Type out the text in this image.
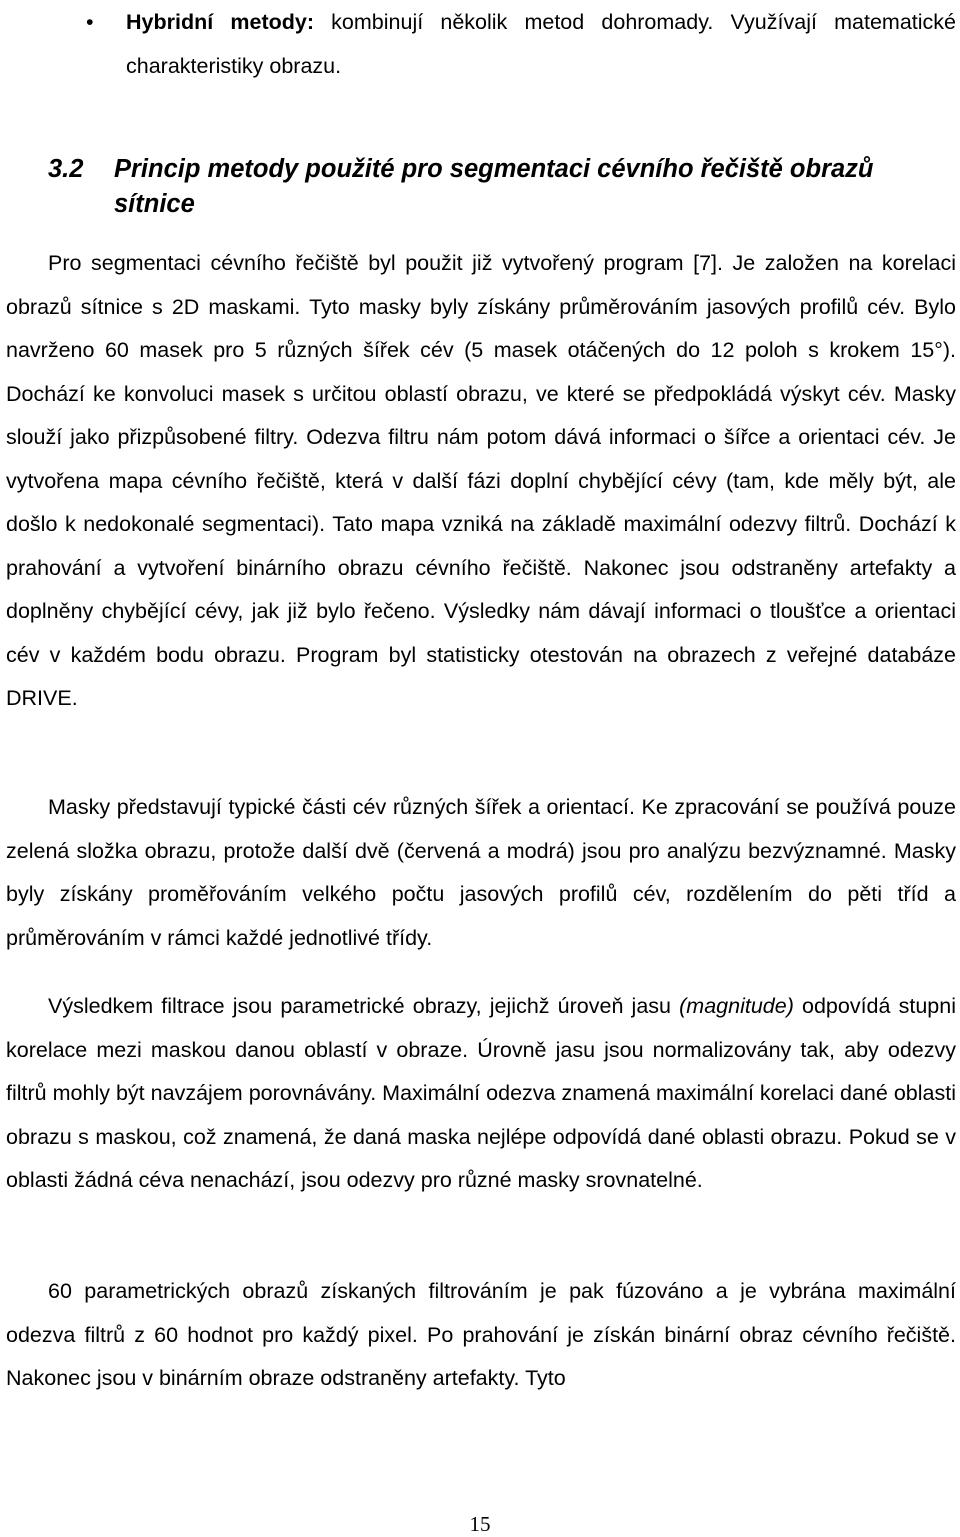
• Hybridní metody: kombinují několik metod dohromady. Využívají matematické charakteristiky obrazu.

3.2	Princip metody použité pro segmentaci cévního řečiště obrazů sítnice

Pro segmentaci cévního řečiště byl použit již vytvořený program [7]. Je založen na korelaci obrazů sítnice s 2D maskami. Tyto masky byly získány průměrováním jasových profilů cév. Bylo navrženo 60 masek pro 5 různých šířek cév (5 masek otáčených do 12 poloh s krokem 15°). Dochází ke konvoluci masek s určitou oblastí obrazu, ve které se předpokládá výskyt cév. Masky slouží jako přizpůsobené filtry. Odezva filtru nám potom dává informaci o šířce a orientaci cév. Je vytvořena mapa cévního řečiště, která v další fázi doplní chybějící cévy (tam, kde měly být, ale došlo k nedokonalé segmentaci). Tato mapa vzniká na základě maximální odezvy filtrů. Dochází k prahování a vytvoření binárního obrazu cévního řečiště. Nakonec jsou odstraněny artefakty a doplněny chybějící cévy, jak již bylo řečeno. Výsledky nám dávají informaci o tloušťce a orientaci cév v každém bodu obrazu. Program byl statisticky otestován na obrazech z veřejné databáze DRIVE.

Masky představují typické části cév různých šířek a orientací. Ke zpracování se používá pouze zelená složka obrazu, protože další dvě (červená a modrá) jsou pro analýzu bezvýznamné. Masky byly získány proměřováním velkého počtu jasových profilů cév, rozdělením do pěti tříd a průměrováním v rámci každé jednotlivé třídy.

Výsledkem filtrace jsou parametrické obrazy, jejichž úroveň jasu (magnitude) odpovídá stupni korelace mezi maskou danou oblastí v obraze. Úrovně jasu jsou normalizovány tak, aby odezvy filtrů mohly být navzájem porovnávány. Maximální odezva znamená maximální korelaci dané oblasti obrazu s maskou, což znamená, že daná maska nejlépe odpovídá dané oblasti obrazu. Pokud se v oblasti žádná céva nenachází, jsou odezvy pro různé masky srovnatelné.

60 parametrických obrazů získaných filtrováním je pak fúzováno a je vybrána maximální odezva filtrů z 60 hodnot pro každý pixel. Po prahování je získán binární obraz cévního řečiště. Nakonec jsou v binárním obraze odstraněny artefakty. Tyto

15
